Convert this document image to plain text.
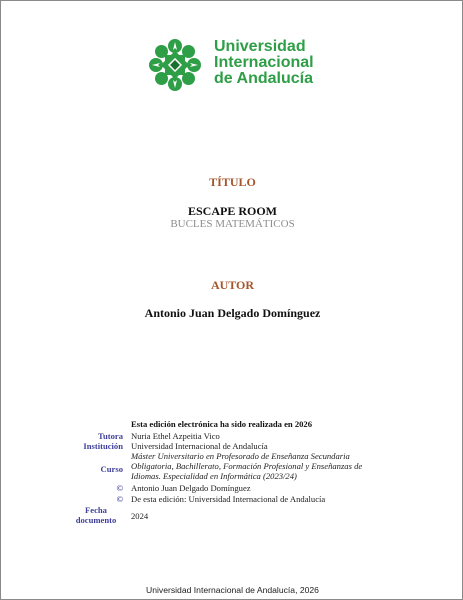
Universidad
Internacional
de Andalucía
TÍTULO
ESCAPE ROOM
BUCLES MATEMÁTICOS
AUTOR
Antonio Juan Delgado Domínguez
Esta edición electrónica ha sido realizada en 2026
Tutora Nuria Ethel Azpeitia Vico
Institución Universidad Internacional de Andalucía
Curso
Máster Universitario en Profesorado de Enseñanza Secundaria Obligatoria, Bachillerato, Formación Profesional y Enseñanzas de Idiomas. Especialidad en Informática (2023/24)
© Antonio Juan Delgado Domínguez
© De esta edición: Universidad Internacional de Andalucía
Fecha documento	2024
Universidad Internacional de Andalucía, 2026
